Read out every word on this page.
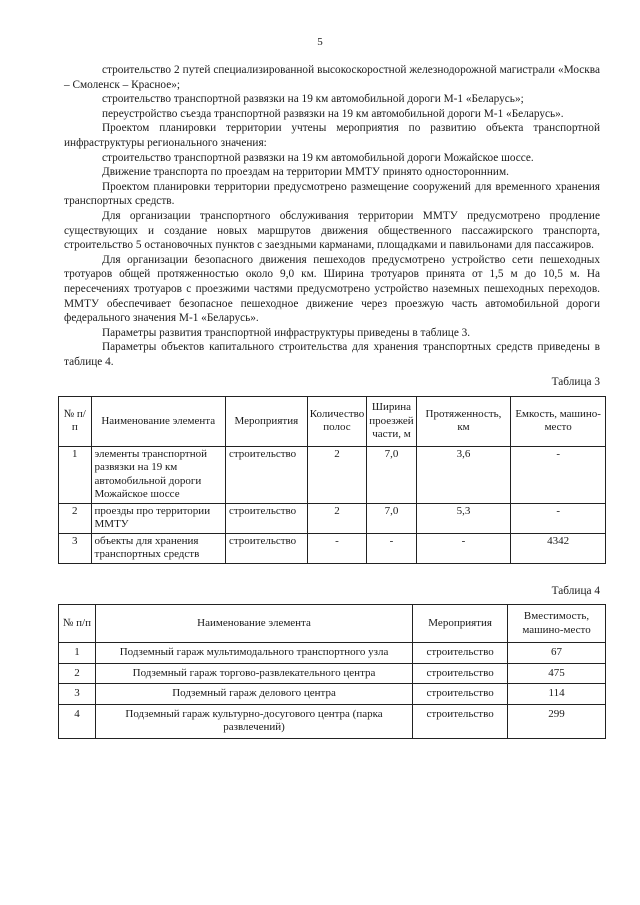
5

строительство 2 путей специализированной высокоскоростной железнодорожной магистрали «Москва – Смоленск – Красное»;

строительство транспортной развязки на 19 км автомобильной дороги М-1 «Беларусь»;

переустройство съезда транспортной развязки на 19 км автомобильной дороги М-1 «Беларусь».

Проектом планировки территории учтены мероприятия по развитию объекта транспортной инфраструктуры регионального значения:

строительство транспортной развязки на 19 км автомобильной дороги Можайское шоссе.

Движение транспорта по проездам на территории ММТУ принято одностороннним.

Проектом планировки территории предусмотрено размещение сооружений для временного хранения транспортных средств.

Для организации транспортного обслуживания территории ММТУ предусмотрено продление существующих и создание новых маршрутов движения общественного пассажирского транспорта, строительство 5 остановочных пунктов с заездными карманами, площадками и павильонами для пассажиров.

Для организации безопасного движения пешеходов предусмотрено устройство сети пешеходных тротуаров общей протяженностью около 9,0 км. Ширина тротуаров принята от 1,5 м до 10,5 м. На пересечениях тротуаров с проезжими частями предусмотрено устройство наземных пешеходных переходов. ММТУ обеспечивает безопасное пешеходное движение через проезжую часть автомобильной дороги федерального значения М-1 «Беларусь».

Параметры развития транспортной инфраструктуры приведены в таблице 3.

Параметры объектов капитального строительства для хранения транспортных средств приведены в таблице 4.

Таблица 3
№ п/п	Наименование элемента	Мероприятия	Количество полос	Ширина проезжей части, м	Протяженность, км	Емкость, машино-место
1	элементы транспортной развязки на 19 км автомобильной дороги Можайское шоссе	строительство	2	7,0	3,6	-
2	проезды про территории ММТУ	строительство	2	7,0	5,3	-
3	объекты для хранения транспортных средств	строительство	-	-	-	4342
Таблица 4
№ п/п	Наименование элемента	Мероприятия	Вместимость, машино-место
1	Подземный гараж мультимодального транспортного узла	строительство	67
2	Подземный гараж торгово-развлекательного центра	строительство	475
3	Подземный гараж делового центра	строительство	114
4	Подземный гараж культурно-досугового центра (парка развлечений)	строительство	299
